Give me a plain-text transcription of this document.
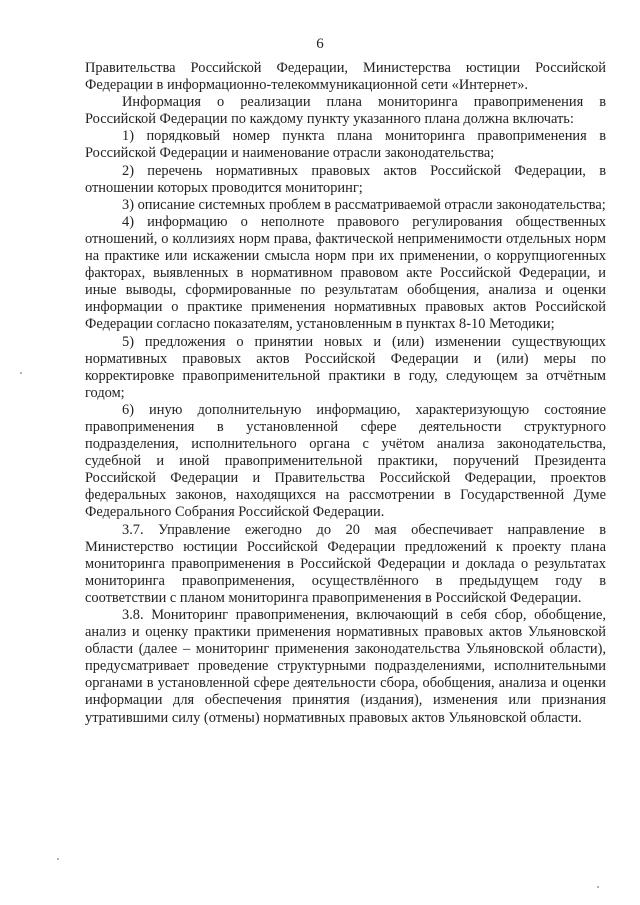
6

Правительства Российской Федерации, Министерства юстиции Российской Федерации в информационно-телекоммуникационной сети «Интернет».

Информация о реализации плана мониторинга правоприменения в Российской Федерации по каждому пункту указанного плана должна включать:

1) порядковый номер пункта плана мониторинга правоприменения в Российской Федерации и наименование отрасли законодательства;

2) перечень нормативных правовых актов Российской Федерации, в отношении которых проводится мониторинг;

3) описание системных проблем в рассматриваемой отрасли законодательства;

4) информацию о неполноте правового регулирования общественных отношений, о коллизиях норм права, фактической неприменимости отдельных норм на практике или искажении смысла норм при их применении, о коррупциогенных факторах, выявленных в нормативном правовом акте Российской Федерации, и иные выводы, сформированные по результатам обобщения, анализа и оценки информации о практике применения нормативных правовых актов Российской Федерации согласно показателям, установленным в пунктах 8-10 Методики;

5) предложения о принятии новых и (или) изменении существующих нормативных правовых актов Российской Федерации и (или) меры по корректировке правоприменительной практики в году, следующем за отчётным годом;

6) иную дополнительную информацию, характеризующую состояние правоприменения в установленной сфере деятельности структурного подразделения, исполнительного органа с учётом анализа законодательства, судебной и иной правоприменительной практики, поручений Президента Российской Федерации и Правительства Российской Федерации, проектов федеральных законов, находящихся на рассмотрении в Государственной Думе Федерального Собрания Российской Федерации.

3.7. Управление ежегодно до 20 мая обеспечивает направление в Министерство юстиции Российской Федерации предложений к проекту плана мониторинга правоприменения в Российской Федерации и доклада о результатах мониторинга правоприменения, осуществлённого в предыдущем году в соответствии с планом мониторинга правоприменения в Российской Федерации.

3.8. Мониторинг правоприменения, включающий в себя сбор, обобщение, анализ и оценку практики применения нормативных правовых актов Ульяновской области (далее – мониторинг применения законодательства Ульяновской области), предусматривает проведение структурными подразделениями, исполнительными органами в установленной сфере деятельности сбора, обобщения, анализа и оценки информации для обеспечения принятия (издания), изменения или признания утратившими силу (отмены) нормативных правовых актов Ульяновской области.
